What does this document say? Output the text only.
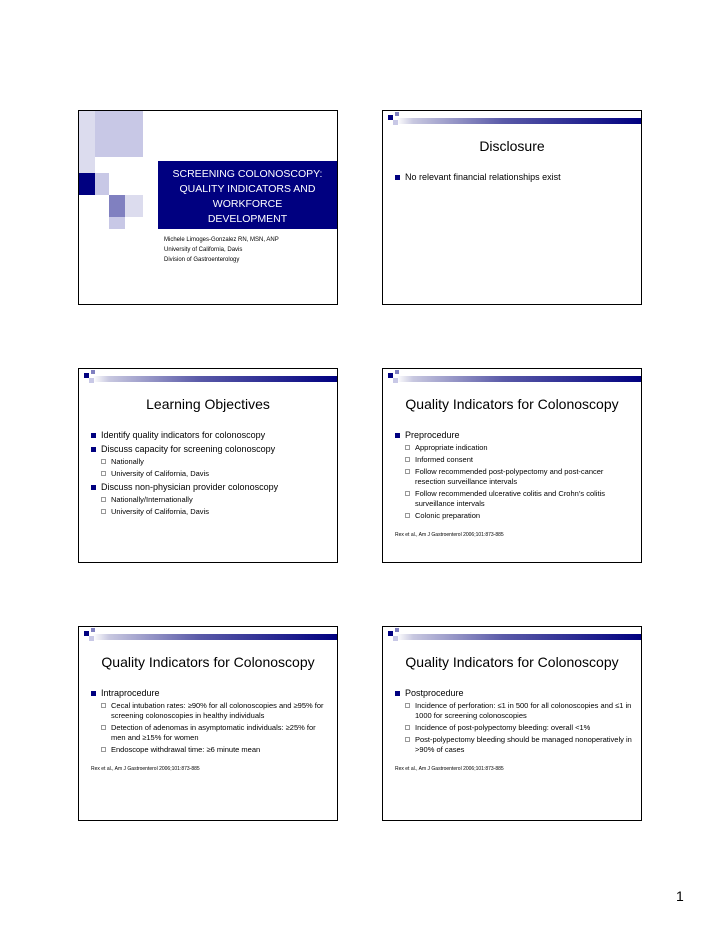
SCREENING COLONOSCOPY:
QUALITY INDICATORS AND
WORKFORCE
DEVELOPMENT
Michele Limoges-Gonzalez RN, MSN, ANP
University of California, Davis
Division of Gastroenterology
Disclosure
No relevant financial relationships exist
Learning Objectives
Identify quality indicators for colonoscopy
Discuss capacity for screening colonoscopy
Nationally
University of California, Davis
Discuss non-physician provider colonoscopy
Nationally/Internationally
University of California, Davis
Quality Indicators for Colonoscopy
Preprocedure
Appropriate indication
Informed consent
Follow recommended post-polypectomy and post-cancer resection surveillance intervals
Follow recommended ulcerative colitis and Crohn’s colitis surveillance intervals
Colonic preparation
Rex et al., Am J Gastroenterol 2006;101:873-885
Quality Indicators for Colonoscopy
Intraprocedure
Cecal intubation rates: ≥90% for all colonoscopies and ≥95% for screening colonoscopies in healthy individuals
Detection of adenomas in asymptomatic individuals: ≥25% for men and ≥15% for women
Endoscope withdrawal time: ≥6 minute mean
Rex et al., Am J Gastroenterol 2006;101:873-885
Quality Indicators for Colonoscopy
Postprocedure
Incidence of perforation: ≤1 in 500 for all colonoscopies and ≤1 in 1000 for screening colonoscopies
Incidence of post-polypectomy bleeding: overall <1%
Post-polypectomy bleeding should be managed nonoperatively in >90% of cases
Rex et al., Am J Gastroenterol 2006;101:873-885
1
